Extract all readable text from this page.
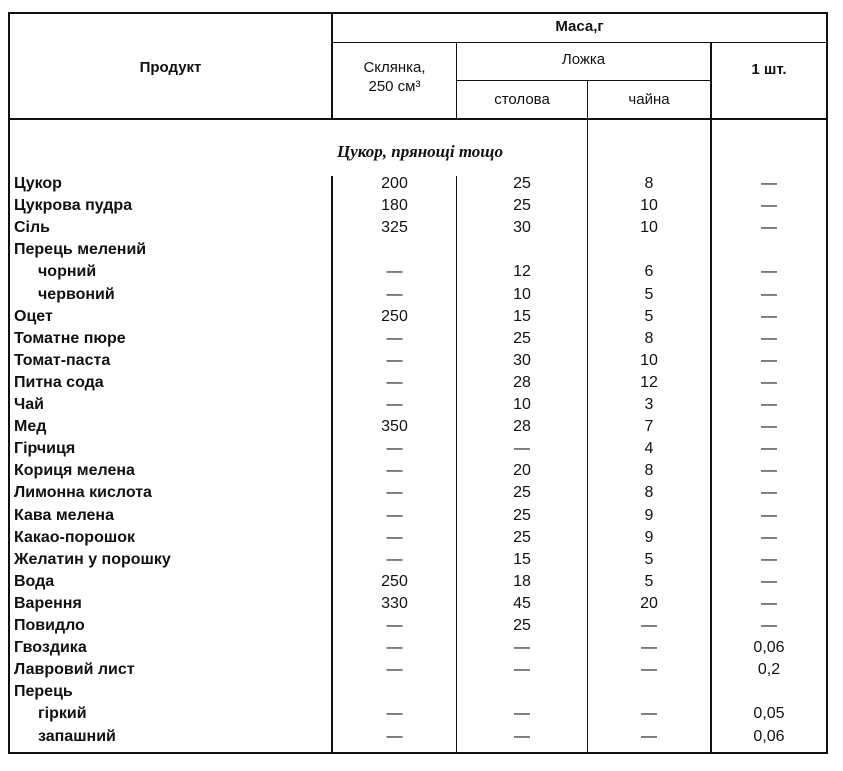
Продукт
Маса,г
Склянка,
250 см³
Ложка
столова	чайна
1 шт.
Цукор, прянощі тощо
Цукор	200	25	8	—
Цукрова пудра	180	25	10	—
Сіль	325	30	10	—
Перець мелений
чорний	—	12	6	—
червоний	—	10	5	—
Оцет	250	15	5	—
Томатне пюре	—	25	8	—
Томат-паста	—	30	10	—
Питна сода	—	28	12	—
Чай	—	10	3	—
Мед	350	28	7	—
Гірчиця	—	—	4	—
Кориця мелена	—	20	8	—
Лимонна кислота	—	25	8	—
Кава мелена	—	25	9	—
Какао-порошок	—	25	9	—
Желатин у порошку	—	15	5	—
Вода	250	18	5	—
Варення	330	45	20	—
Повидло	—	25	—	—
Гвоздика	—	—	—	0,06
Лавровий лист	—	—	—	0,2
Перець
гіркий	—	—	—	0,05
запашний	—	—	—	0,06
